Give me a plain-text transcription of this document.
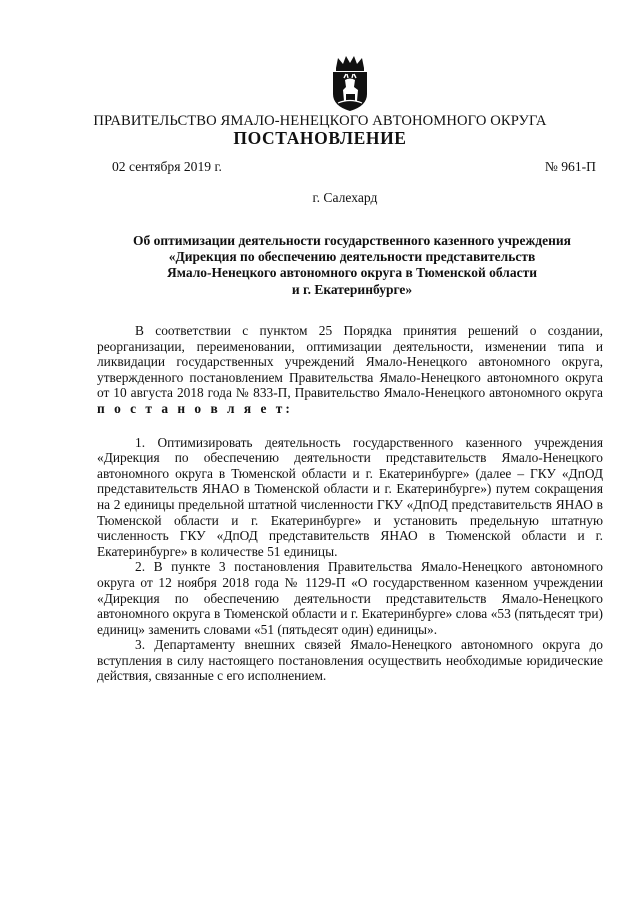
ПРАВИТЕЛЬСТВО ЯМАЛО-НЕНЕЦКОГО АВТОНОМНОГО ОКРУГА
ПОСТАНОВЛЕНИЕ
02 сентября 2019 г.	№ 961-П
г. Салехард
Об оптимизации деятельности государственного казенного учреждения
«Дирекция по обеспечению деятельности представительств
Ямало-Ненецкого автономного округа в Тюменской области
и г. Екатеринбурге»

В соответствии с пунктом 25 Порядка принятия решений о создании, реорганизации, переименовании, оптимизации деятельности, изменении типа и ликвидации государственных учреждений Ямало-Ненецкого автономного округа, утвержденного постановлением Правительства Ямало-Ненецкого автономного округа от 10 августа 2018 года № 833-П, Правительство Ямало-Ненецкого автономного округа п о с т а н о в л я е т:

1. Оптимизировать деятельность государственного казенного учреждения «Дирекция по обеспечению деятельности представительств Ямало-Ненецкого автономного округа в Тюменской области и г. Екатеринбурге» (далее – ГКУ «ДпОД представительств ЯНАО в Тюменской области и г. Екатеринбурге») путем сокращения на 2 единицы предельной штатной численности ГКУ «ДпОД представительств ЯНАО в Тюменской области и г. Екатеринбурге» и установить предельную штатную численность ГКУ «ДпОД представительств ЯНАО в Тюменской области и г. Екатеринбурге» в количестве 51 единицы.

2. В пункте 3 постановления Правительства Ямало-Ненецкого автономного округа от 12 ноября 2018 года № 1129-П «О государственном казенном учреждении «Дирекция по обеспечению деятельности представительств Ямало-Ненецкого автономного округа в Тюменской области и г. Екатеринбурге» слова «53 (пятьдесят три) единиц» заменить словами «51 (пятьдесят один) единицы».

3. Департаменту внешних связей Ямало-Ненецкого автономного округа до вступления в силу настоящего постановления осуществить необходимые юридические действия, связанные с его исполнением.
